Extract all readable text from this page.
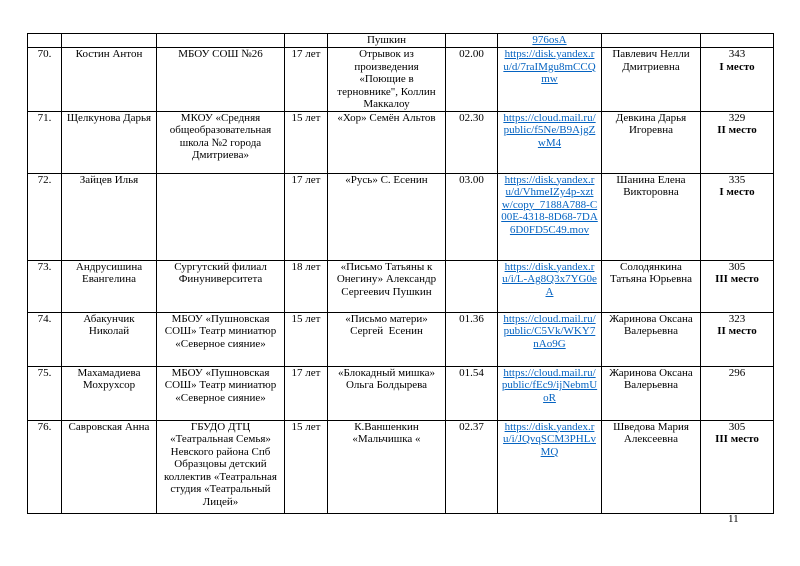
				Пушкин		976osA		
70.	Костин Антон	МБОУ СОШ №26	17 лет	Отрывок из произведения «Поющие в терновнике", Коллин Маккалоу	02.00	https://disk.yandex.ru/d/7raIMgu8mCCQmw	Павлевич Нелли Дмитриевна	343
I место

71.	Щелкунова Дарья	МКОУ «Средняя общеобразовательная школа №2 города Дмитриева»	15 лет	«Хор» Семён Альтов	02.30	https://cloud.mail.ru/public/f5Ne/B9AjgZwM4	Девкина Дарья Игоревна	329
II место

72.	Зайцев Илья		17 лет	«Русь» С. Есенин	03.00	https://disk.yandex.ru/d/VhmeIZy4p-xztw/copy_7188A788-C00E-4318-8D68-7DA6D0FD5C49.mov	Шанина Елена Викторовна	335
I место

73.	Андрусишина Евангелина	Сургутский филиал Финуниверситета	18 лет	«Письмо Татьяны к Онегину» Александр Сергеевич Пушкин		https://disk.yandex.ru/i/L-Ag8Q3x7YG0eA	Солодянкина Татьяна Юрьевна	305
III место

74.	Абакунчик Николай	МБОУ «Пушновская СОШ» Театр миниатюр «Северное сияние»	15 лет	«Письмо матери» Сергей  Есенин	01.36	https://cloud.mail.ru/public/C5Vk/WKY7nAo9G	Жаринова Оксана Валерьевна	323
II место

75.	Махамадиева Мохрухсор	МБОУ «Пушновская СОШ» Театр миниатюр «Северное сияние»	17 лет	«Блокадный мишка» Ольга Болдырева	01.54	https://cloud.mail.ru/public/fEc9/ijNebmUoR	Жаринова Оксана Валерьевна	296

76.	Савровская Анна	ГБУДО ДТЦ «Театральная Семья» Невского района Спб Образцовы детский коллектив «Театральная студия «Театральный Лицей»	15 лет	К.Ваншенкин «Мальчишка «	02.37	https://disk.yandex.ru/i/JQvqSCM3PHLvMQ	Шведова Мария Алексеевна	305
III место
11
